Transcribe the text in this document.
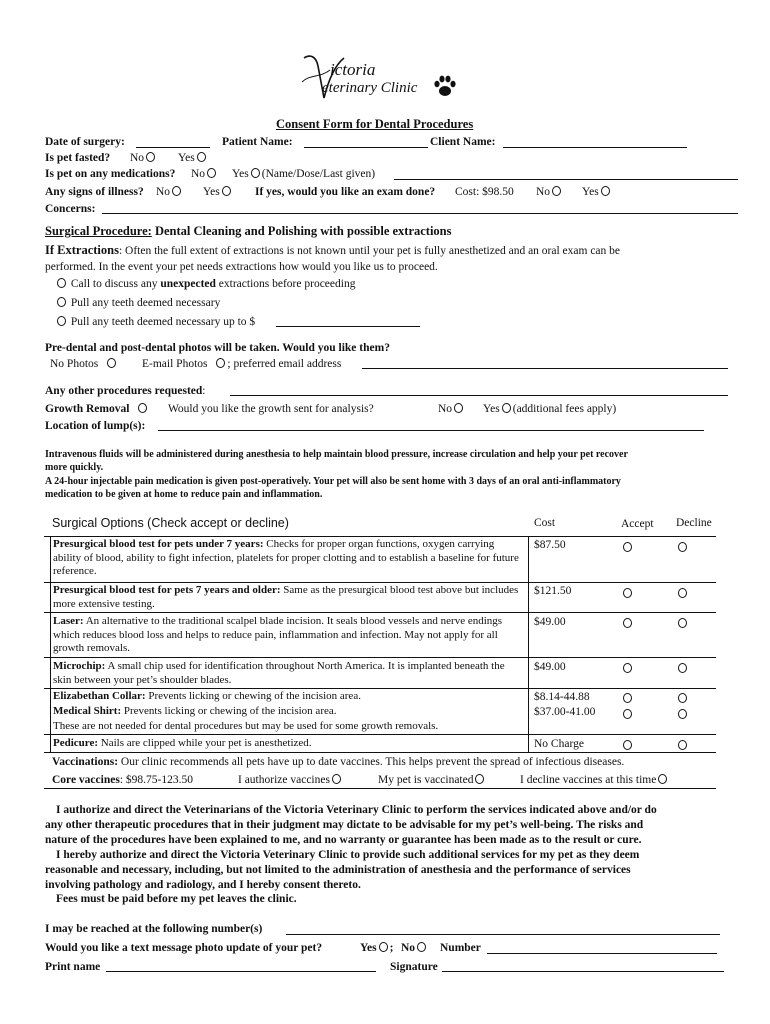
ictoria
eterinary Clinic
Consent Form for Dental Procedures
Date of surgery:	Patient Name:	Client Name:
Is pet fasted? No	Yes
Is pet on any medications? No	Yes (Name/Dose/Last given)
Any signs of illness? No	Yes	If yes, would you like an exam done? Cost: $98.50 No	Yes
Concerns:
Surgical Procedure: Dental Cleaning and Polishing with possible extractions
If Extractions: Often the full extent of extractions is not known until your pet is fully anesthetized and an oral exam can be
performed. In the event your pet needs extractions how would you like us to proceed.
Call to discuss any unexpected extractions before proceeding
Pull any teeth deemed necessary
Pull any teeth deemed necessary up to $
Pre-dental and post-dental photos will be taken. Would you like them?
No Photos	E-mail Photos ; preferred email address
Any other procedures requested:
Growth Removal	Would you like the growth sent for analysis?	No	Yes (additional fees apply)
Location of lump(s):
Intravenous fluids will be administered during anesthesia to help maintain blood pressure, increase circulation and help your pet recover
more quickly.
A 24-hour injectable pain medication is given post-operatively. Your pet will also be sent home with 3 days of an oral anti-inflammatory
medication to be given at home to reduce pain and inflammation.
Surgical Options (Check accept or decline)	Cost	Accept Decline
Presurgical blood test for pets under 7 years: Checks for proper organ functions, oxygen carrying ability of blood, ability to fight infection, platelets for proper clotting and to establish a baseline for future reference.
$87.50
Presurgical blood test for pets 7 years and older: Same as the presurgical blood test above but includes more extensive testing.
$121.50
Laser: An alternative to the traditional scalpel blade incision. It seals blood vessels and nerve endings which reduces blood loss and helps to reduce pain, inflammation and infection. May not apply for all growth removals.
$49.00
Microchip: A small chip used for identification throughout North America. It is implanted beneath the skin between your pet’s shoulder blades.
$49.00
Elizabethan Collar: Prevents licking or chewing of the incision area.	$8.14-44.88
Medical Shirt: Prevents licking or chewing of the incision area.	$37.00-41.00
These are not needed for dental procedures but may be used for some growth removals.
Pedicure: Nails are clipped while your pet is anesthetized.	No Charge
Vaccinations: Our clinic recommends all pets have up to date vaccines. This helps prevent the spread of infectious diseases.
Core vaccines: $98.75-123.50	I authorize vaccines	My pet is vaccinated	I decline vaccines at this time
I authorize and direct the Veterinarians of the Victoria Veterinary Clinic to perform the services indicated above and/or do
any other therapeutic procedures that in their judgment may dictate to be advisable for my pet’s well-being. The risks and
nature of the procedures have been explained to me, and no warranty or guarantee has been made as to the result or cure.
I hereby authorize and direct the Victoria Veterinary Clinic to provide such additional services for my pet as they deem
reasonable and necessary, including, but not limited to the administration of anesthesia and the performance of services
involving pathology and radiology, and I hereby consent thereto.
Fees must be paid before my pet leaves the clinic.
I may be reached at the following number(s)
Would you like a text message photo update of your pet?	Yes ; No	Number
Print name	Signature
